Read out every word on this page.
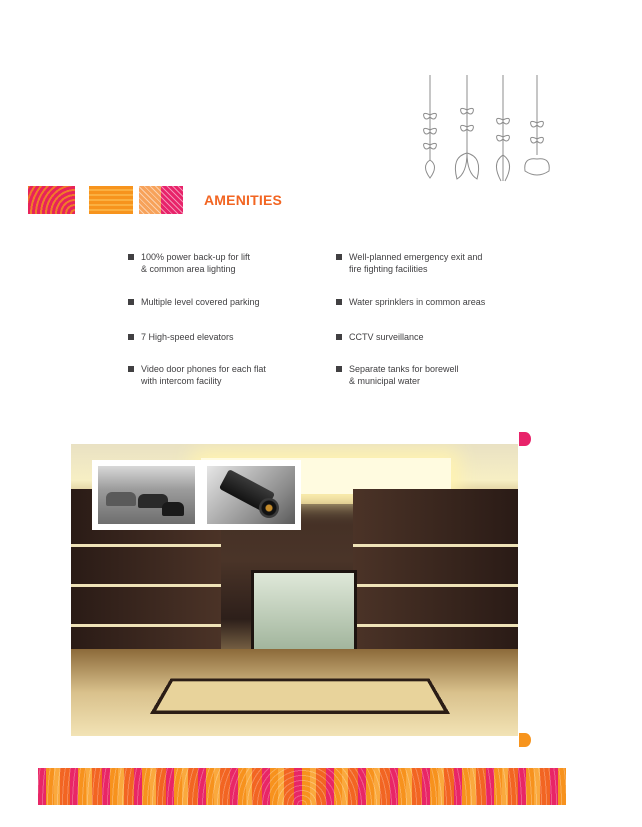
AMENITIES
100% power back-up for lift
& common area lighting
Multiple level covered parking
7 High-speed elevators
Video door phones for each flat
with intercom facility
Well-planned emergency exit and
fire fighting facilities
Water sprinklers in common areas
CCTV surveillance
Separate tanks for borewell
& municipal water
